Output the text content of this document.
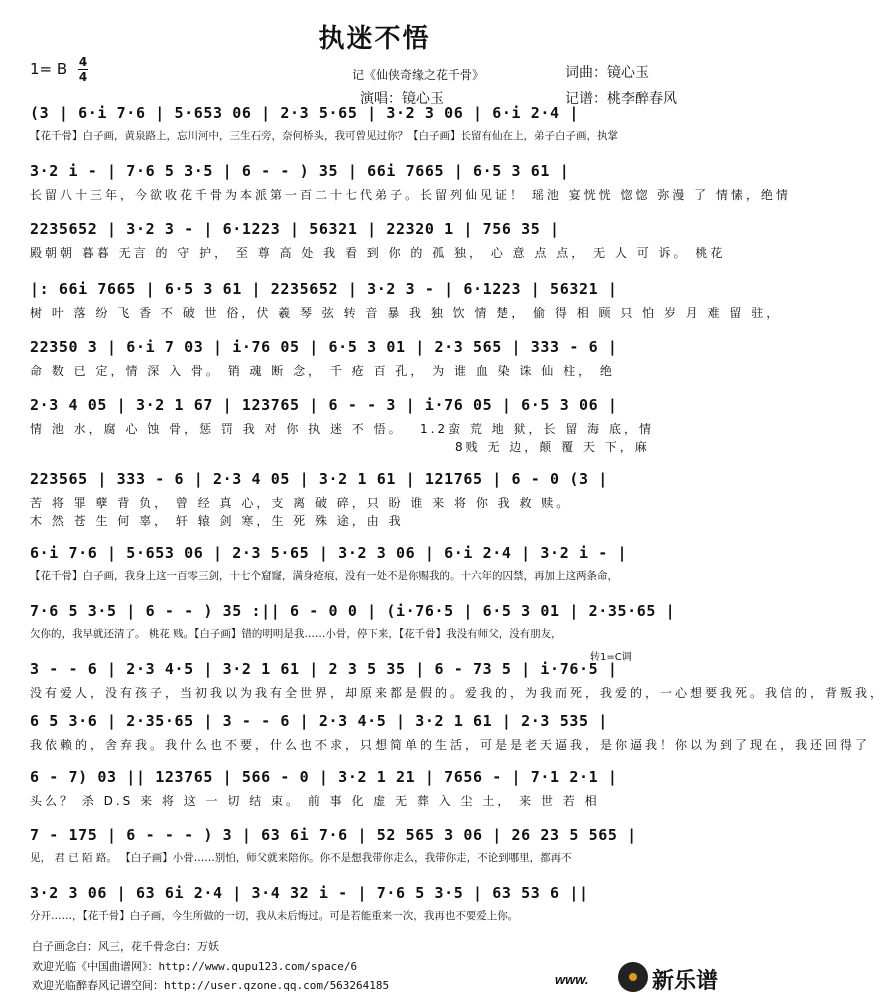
执迷不悟
1= B 4
4	记《仙侠奇缘之花千骨》	词曲：镜心玉
演唱：镜心玉	记谱：桃李醉春风
(3 | 6·i 7·6 | 5·653 06 | 2·3 5·65 | 3·2 3 06 | 6·i 2·4 |
【花千骨】白子画，黄泉路上，忘川河中，三生石旁，奈何桥头，我可曾见过你？【白子画】长留有仙在上，弟子白子画，执掌
3·2 i - | 7·6 5 3·5 | 6 - - ) 35 | 66i 7665 | 6·5 3 61 |
长留八十三年，今欲收花千骨为本派第一百二十七代弟子。长留列仙见证！ 瑶池 宴恍恍 惚惚 弥漫 了 情愫，绝情
2235652 | 3·2 3 - | 6·1223 | 56321 | 22320 1 | 756 35 |
殿朝朝 暮暮 无言 的 守 护， 至 尊 高 处 我 看 到 你 的 孤 独， 心 意 点 点， 无 人 可 诉。 桃花
|: 66i 7665 | 6·5 3 61 | 2235652 | 3·2 3 - | 6·1223 | 56321 |
树 叶 落 纷 飞 香 不 破 世 俗，伏 羲 琴 弦 转 音 暴 我 独 饮 情 楚， 偷 得 相 顾 只 怕 岁 月 难 留 驻，
22350 3 | 6·i 7 03 | i·76 05 | 6·5 3 01 | 2·3 565 | 333 - 6 |
命 数 已 定，情 深 入 骨。 销 魂 断 念， 千 疮 百 孔， 为 谁 血 染 诛 仙 柱， 绝
2·3 4 05 | 3·2 1 67 | 123765 | 6 - - 3 | i·76 05 | 6·5 3 06 |
情 池 水，腐 心 蚀 骨，惩 罚 我 对 你 执 迷 不 悟。 1.2蛮 荒 地 狱，长 留 海 底，情
8贱 无 边，颠 覆 天 下，麻
223565 | 333 - 6 | 2·3 4 05 | 3·2 1 61 | 121765 | 6 - 0 (3 |
苦 将 罪 孽 背 负， 曾 经 真 心，支 离 破 碎，只 盼 谁 来 将 你 我 救 赎。
木 然 苍 生 何 辜， 轩 辕 剑 寒，生 死 殊 途，由 我
6·i 7·6 | 5·653 06 | 2·3 5·65 | 3·2 3 06 | 6·i 2·4 | 3·2 i - |
【花千骨】白子画，我身上这一百零三剑，十七个窟窿，满身疮痕，没有一处不是你赐我的。十六年的囚禁，再加上这两条命，
7·6 5 3·5 | 6 - - ) 35 :|| 6 - 0 0 | (i·76·5 | 6·5 3 01 | 2·35·65 |
欠你的，我早就还清了。 桃花 贱。【白子画】错的明明是我……小骨，停下来，【花千骨】我没有师父，没有朋友，
3 - - 6 | 2·3 4·5 | 3·2 1 61 | 2 3 5 35 | 6 - 73 5 | i·76·5 |
没有爱人，没有孩子，当初我以为我有全世界，却原来都是假的。爱我的，为我而死，我爱的，一心想要我死。我信的，背叛我，
转1=C调
6 5 3·6 | 2·35·65 | 3 - - 6 | 2·3 4·5 | 3·2 1 61 | 2·3 535 |
我依赖的，舍弃我。我什么也不要，什么也不求，只想简单的生活，可是是老天逼我，是你逼我！你以为到了现在，我还回得了
6 - 7) 03 || 123765 | 566 - 0 | 3·2 1 21 | 7656 - | 7·1 2·1 |
头么？ 杀 D.S 来 将 这 一 切 结 束。 前 事 化 虚 无 葬 入 尘 土， 来 世 若 相
7 - 175 | 6 - - - ) 3 | 63 6i 7·6 | 52 565 3 06 | 26 23 5 565 |
见， 君 已 陌 路。 【白子画】小骨……别怕，师父就来陪你。你不是想我带你走么，我带你走，不论到哪里，都再不
3·2 3 06 | 63 6i 2·4 | 3·4 32 i - | 7·6 5 3·5 | 63 53 6 ||
分开……，【花千骨】白子画，今生所做的一切，我从未后悔过。可是若能重来一次，我再也不要爱上你。
白子画念白：风三，花千骨念白：万妖
欢迎光临《中国曲谱网》：http://www.qupu123.com/space/6
欢迎光临醉春风记谱空间：http://user.qzone.qq.com/563264185	www.	新乐谱
